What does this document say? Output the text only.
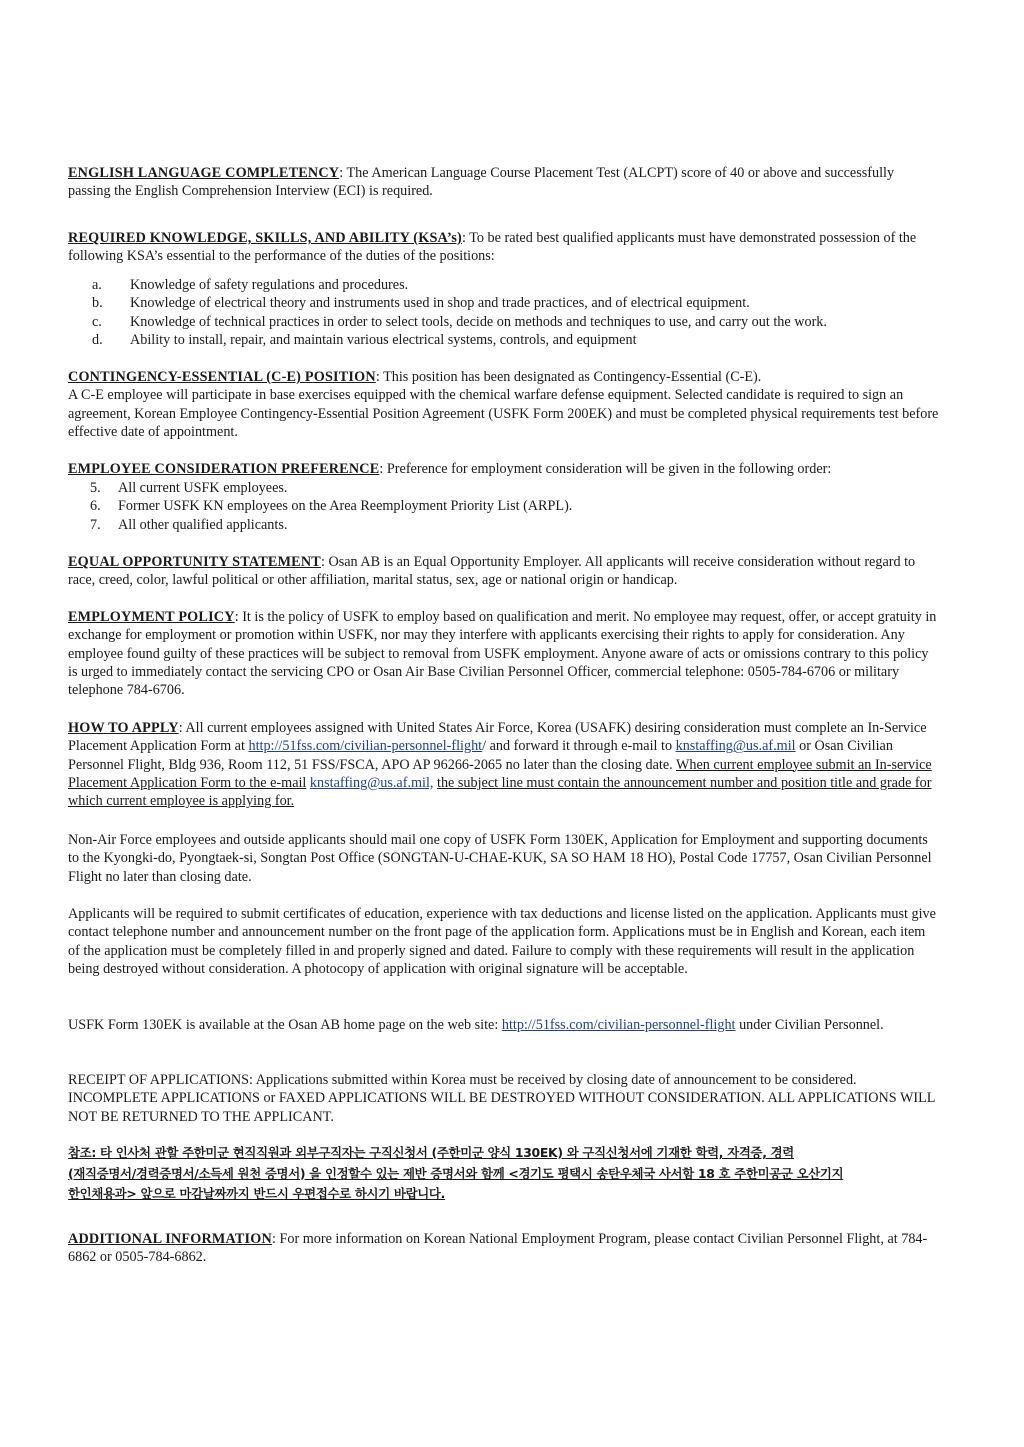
ENGLISH LANGUAGE COMPLETENCY: The American Language Course Placement Test (ALCPT) score of 40 or above and successfully passing the English Comprehension Interview (ECI) is required.

REQUIRED KNOWLEDGE, SKILLS, AND ABILITY (KSA’s): To be rated best qualified applicants must have demonstrated possession of the following KSA’s essential to the performance of the duties of the positions:

a. Knowledge of safety regulations and procedures.
b. Knowledge of electrical theory and instruments used in shop and trade practices, and of electrical equipment.
c. Knowledge of technical practices in order to select tools, decide on methods and techniques to use, and carry out the work.
d. Ability to install, repair, and maintain various electrical systems, controls, and equipment

CONTINGENCY-ESSENTIAL (C-E) POSITION: This position has been designated as Contingency-Essential (C-E).
A C-E employee will participate in base exercises equipped with the chemical warfare defense equipment. Selected candidate is required to sign an agreement, Korean Employee Contingency-Essential Position Agreement (USFK Form 200EK) and must be completed physical requirements test before effective date of appointment.

EMPLOYEE CONSIDERATION PREFERENCE: Preference for employment consideration will be given in the following order:

5. All current USFK employees.
6. Former USFK KN employees on the Area Reemployment Priority List (ARPL).
7. All other qualified applicants.

EQUAL OPPORTUNITY STATEMENT: Osan AB is an Equal Opportunity Employer. All applicants will receive consideration without regard to race, creed, color, lawful political or other affiliation, marital status, sex, age or national origin or handicap.

EMPLOYMENT POLICY: It is the policy of USFK to employ based on qualification and merit. No employee may request, offer, or accept gratuity in exchange for employment or promotion within USFK, nor may they interfere with applicants exercising their rights to apply for consideration. Any employee found guilty of these practices will be subject to removal from USFK employment. Anyone aware of acts or omissions contrary to this policy is urged to immediately contact the servicing CPO or Osan Air Base Civilian Personnel Officer, commercial telephone: 0505-784-6706 or military telephone 784-6706.

HOW TO APPLY: All current employees assigned with United States Air Force, Korea (USAFK) desiring consideration must complete an In-Service Placement Application Form at http://51fss.com/civilian-personnel-flight/ and forward it through e-mail to knstaffing@us.af.mil or Osan Civilian Personnel Flight, Bldg 936, Room 112, 51 FSS/FSCA, APO AP 96266-2065 no later than the closing date. When current employee submit an In-service Placement Application Form to the e-mail knstaffing@us.af.mil, the subject line must contain the announcement number and position title and grade for which current employee is applying for.

Non-Air Force employees and outside applicants should mail one copy of USFK Form 130EK, Application for Employment and supporting documents to the Kyongki-do, Pyongtaek-si, Songtan Post Office (SONGTAN-U-CHAE-KUK, SA SO HAM 18 HO), Postal Code 17757, Osan Civilian Personnel Flight no later than closing date.

Applicants will be required to submit certificates of education, experience with tax deductions and license listed on the application. Applicants must give contact telephone number and announcement number on the front page of the application form. Applications must be in English and Korean, each item of the application must be completely filled in and properly signed and dated. Failure to comply with these requirements will result in the application being destroyed without consideration. A photocopy of application with original signature will be acceptable.

USFK Form 130EK is available at the Osan AB home page on the web site: http://51fss.com/civilian-personnel-flight under Civilian Personnel.

RECEIPT OF APPLICATIONS: Applications submitted within Korea must be received by closing date of announcement to be considered. INCOMPLETE APPLICATIONS or FAXED APPLICATIONS WILL BE DESTROYED WITHOUT CONSIDERATION. ALL APPLICATIONS WILL NOT BE RETURNED TO THE APPLICANT.

참조: 타 인사처 관할 주한미군 현직직원과 외부구직자는 구직신청서 (주한미군 양식 130EK) 와 구직신청서에 기재한 학력, 자격증, 경력
(재직증명서/경력증명서/소득세 원천 증명서) 을 인정할수 있는 제반 증명서와 함께 <경기도 평택시 송탄우체국 사서함 18 호 주한미공군 오산기지
한인채용과> 앞으로 마감날짜까지 반드시 우편접수로 하시기 바랍니다.

ADDITIONAL INFORMATION: For more information on Korean National Employment Program, please contact Civilian Personnel Flight, at 784-6862 or 0505-784-6862.
